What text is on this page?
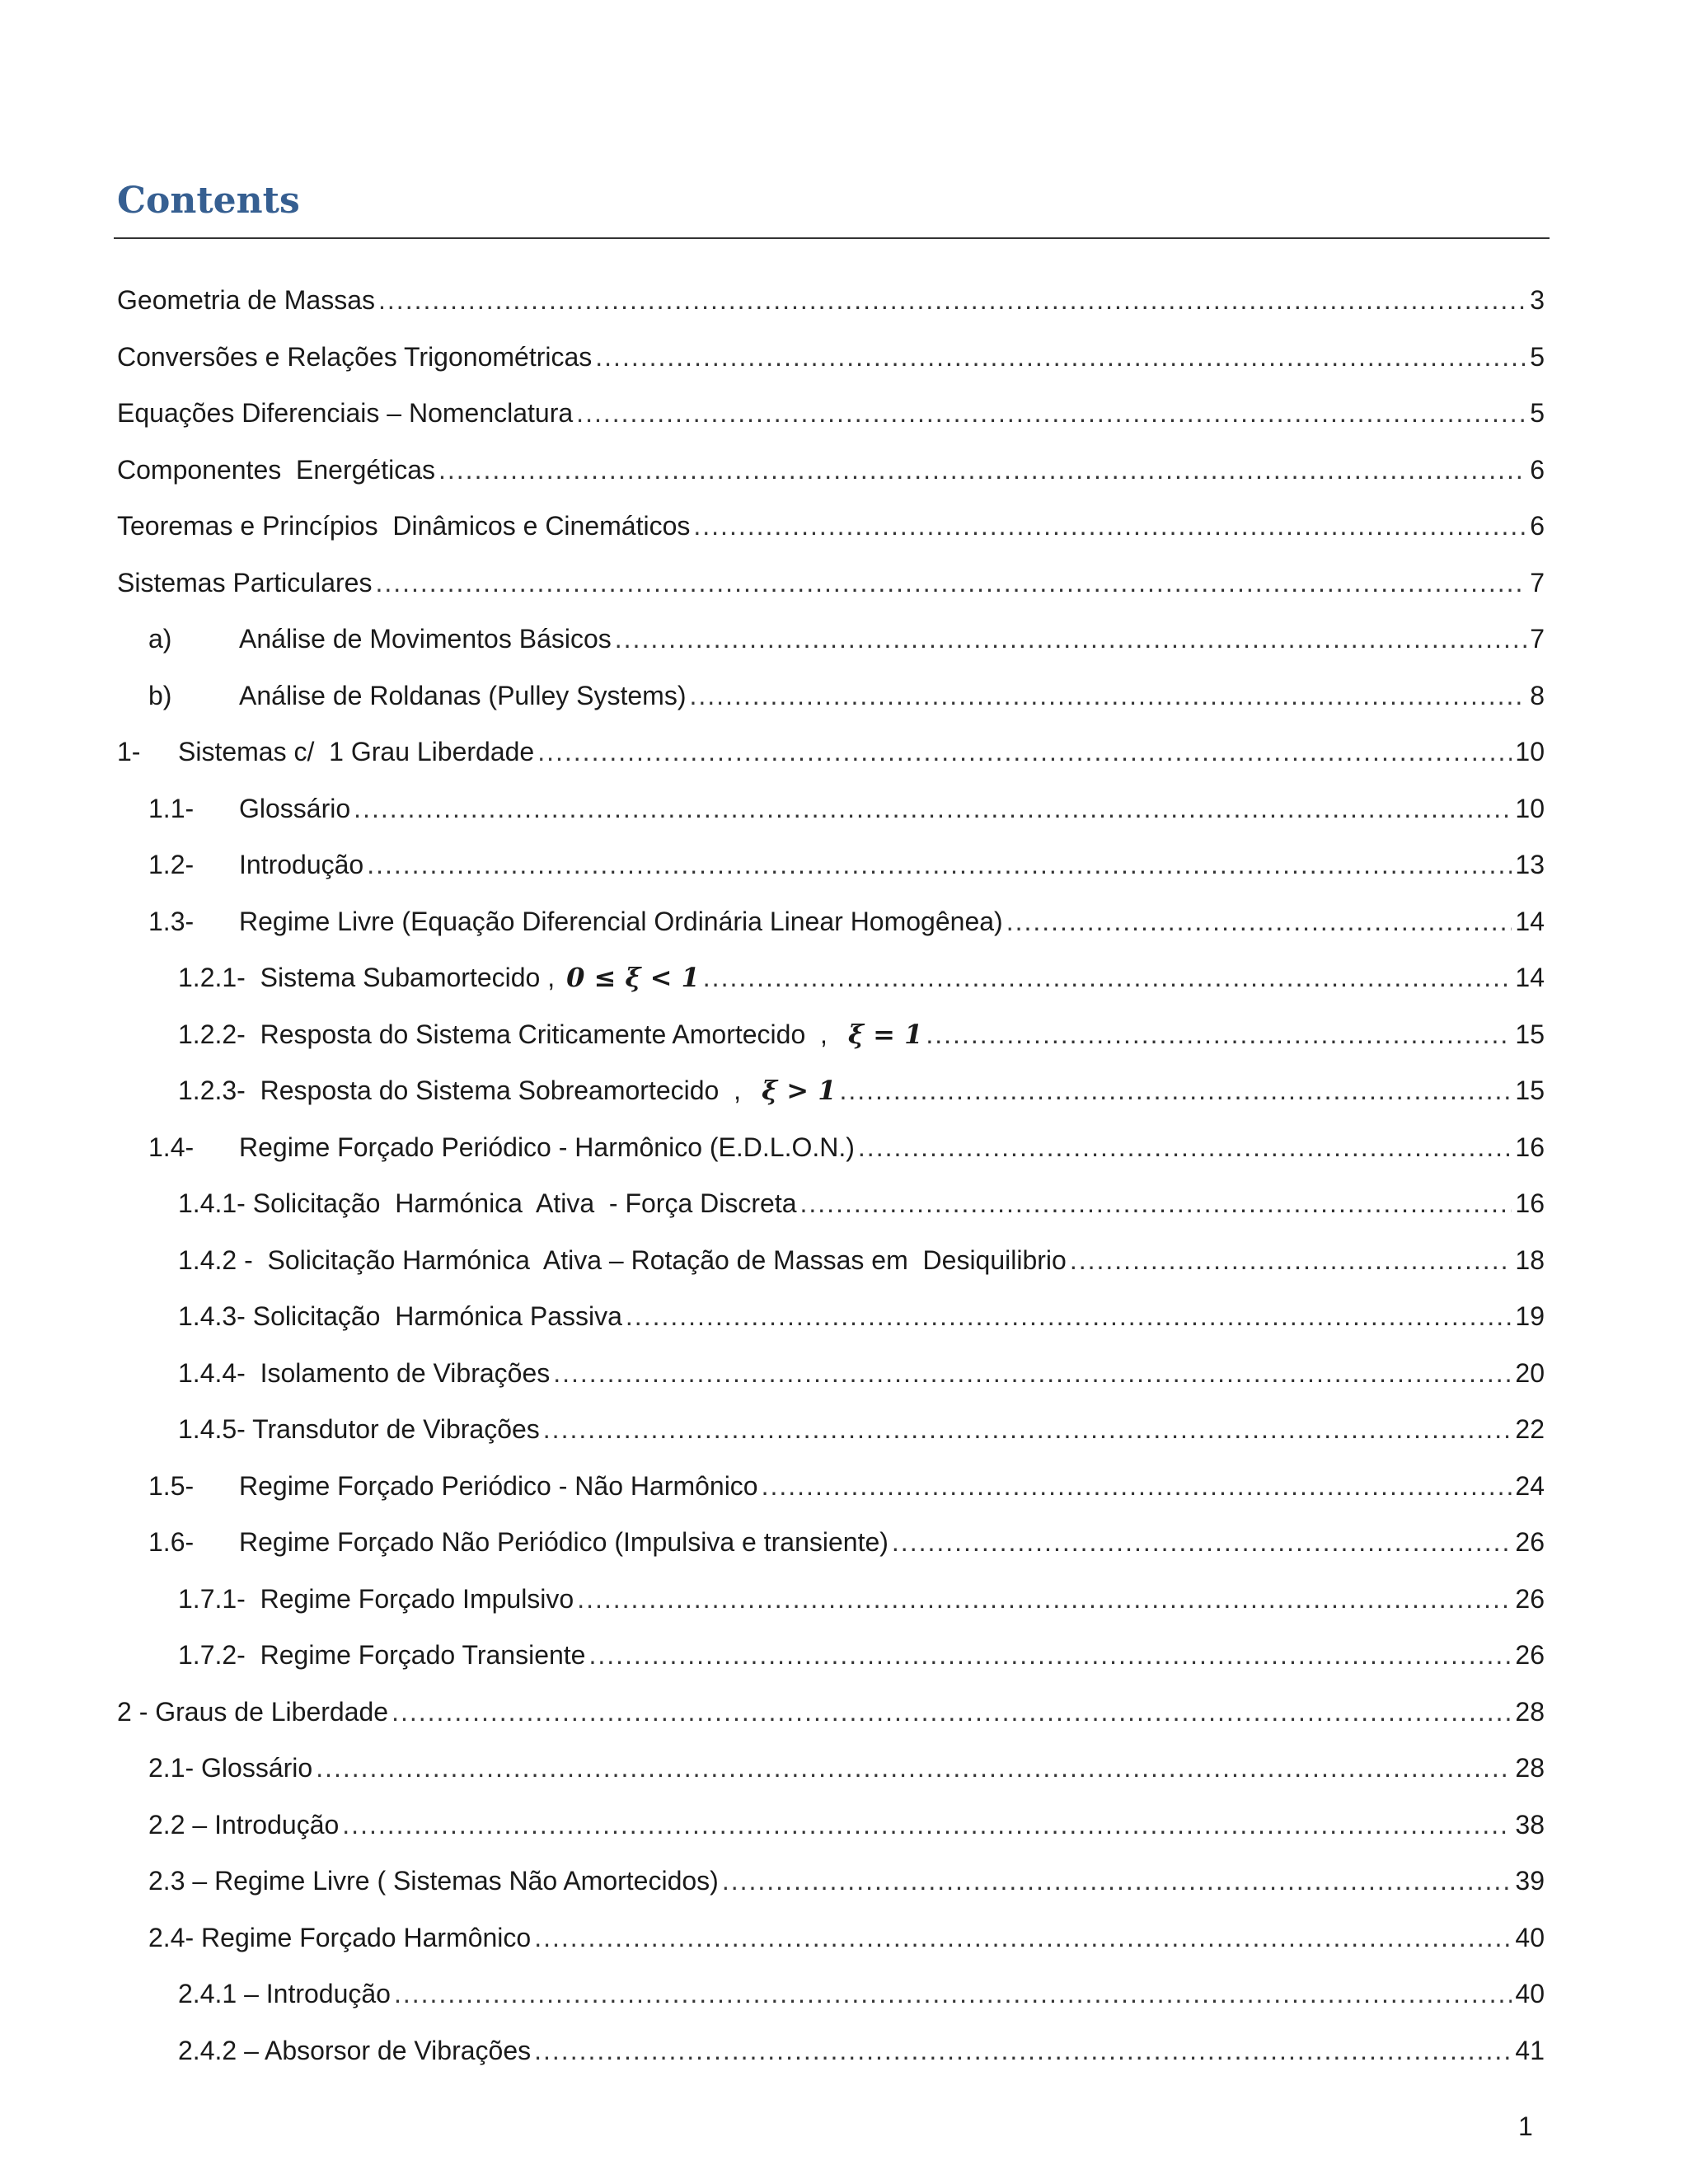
Contents
Geometria de Massas .....	3
Conversões e Relações Trigonométricas .....	5
Equações Diferenciais – Nomenclatura .....	5
Componentes  Energéticas .....	6
Teoremas e Princípios  Dinâmicos e Cinemáticos .....	6
Sistemas Particulares .....	7
a)	Análise de Movimentos Básicos .....	7
b)	Análise de Roldanas (Pulley Systems) .....	8
1-	Sistemas c/  1 Grau Liberdade .....	10
1.1-	Glossário .....	10
1.2-	Introdução .....	13
1.3-	Regime Livre (Equação Diferencial Ordinária Linear Homogênea) .....	14
1.2.1-  Sistema Subamortecido , 0 ≤ ξ < 1 .....	14
1.2.2-  Resposta do Sistema Criticamente Amortecido  , ξ = 1 .....	15
1.2.3-  Resposta do Sistema Sobreamortecido  , ξ > 1 .....	15
1.4-	Regime Forçado Periódico - Harmônico (E.D.L.O.N.) .....	16
1.4.1- Solicitação  Harmónica  Ativa  - Força Discreta .....	16
1.4.2 -  Solicitação Harmónica  Ativa – Rotação de Massas em  Desiquilibrio .....	18
1.4.3- Solicitação  Harmónica Passiva .....	19
1.4.4-  Isolamento de Vibrações .....	20
1.4.5- Transdutor de Vibrações .....	22
1.5-	Regime Forçado Periódico - Não Harmônico .....	24
1.6-	Regime Forçado Não Periódico (Impulsiva e transiente) .....	26
1.7.1-  Regime Forçado Impulsivo .....	26
1.7.2-  Regime Forçado Transiente .....	26
2 - Graus de Liberdade .....	28
2.1- Glossário .....	28
2.2 – Introdução .....	38
2.3 – Regime Livre ( Sistemas Não Amortecidos) .....	39
2.4- Regime Forçado Harmônico .....	40
2.4.1 – Introdução .....	40
2.4.2 – Absorsor de Vibrações .....	41
1
